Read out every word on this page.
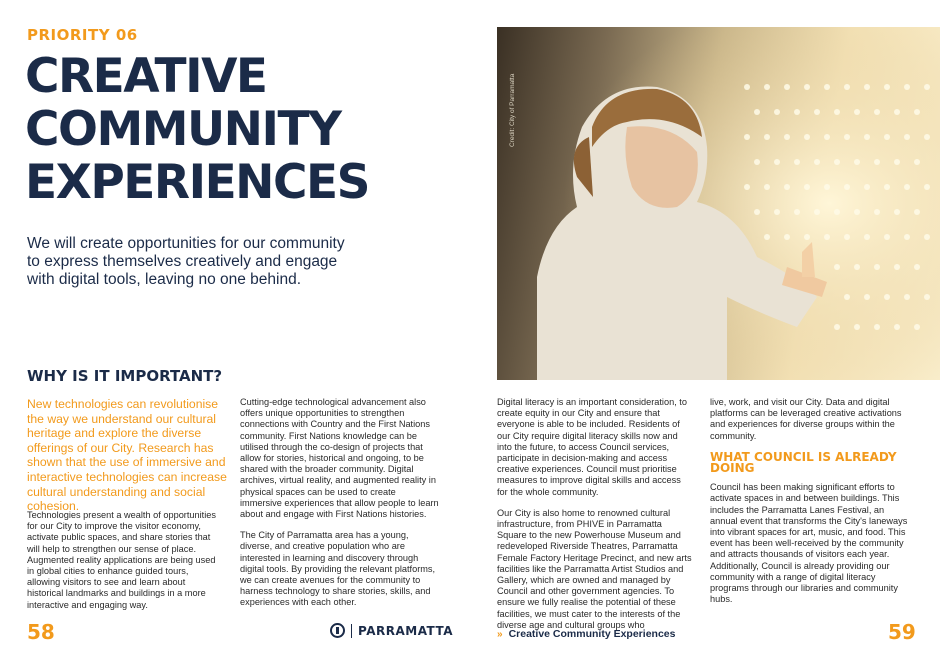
PRIORITY 06
CREATIVE
COMMUNITY
EXPERIENCES
We will create opportunities for our community to express themselves creatively and engage with digital tools, leaving no one behind.
WHY IS IT IMPORTANT?
New technologies can revolutionise the way we understand our cultural heritage and explore the diverse offerings of our City. Research has shown that the use of immersive and interactive technologies can increase cultural understanding and social cohesion.

Technologies present a wealth of opportunities for our City to improve the visitor economy, activate public spaces, and share stories that will help to strengthen our sense of place. Augmented reality applications are being used in global cities to enhance guided tours, allowing visitors to see and learn about historical landmarks and buildings in a more interactive and engaging way.

Cutting-edge technological advancement also offers unique opportunities to strengthen connections with Country and the First Nations community. First Nations knowledge can be utilised through the co-design of projects that allow for stories, historical and ongoing, to be shared with the broader community. Digital archives, virtual reality, and augmented reality in physical spaces can be used to create immersive experiences that allow people to learn about and engage with First Nations histories.

The City of Parramatta area has a young, diverse, and creative population who are interested in learning and discovery through digital tools. By providing the relevant platforms, we can create avenues for the community to harness technology to share stories, skills, and experiences with each other.

58
Credit: City of Parramatta

Digital literacy is an important consideration, to create equity in our City and ensure that everyone is able to be included. Residents of our City require digital literacy skills now and into the future, to access Council services, participate in decision-making and access creative experiences. Council must prioritise measures to improve digital skills and access for the whole community.

Our City is also home to renowned cultural infrastructure, from PHIVE in Parramatta Square to the new Powerhouse Museum and redeveloped Riverside Theatres, Parramatta Female Factory Heritage Precinct, and new arts facilities like the Parramatta Artist Studios and Gallery, which are owned and managed by Council and other government agencies. To ensure we fully realise the potential of these facilities, we must cater to the interests of the diverse age and cultural groups who

live, work, and visit our City. Data and digital platforms can be leveraged creative activations and experiences for diverse groups within the community.

WHAT COUNCIL IS ALREADY DOING

Council has been making significant efforts to activate spaces in and between buildings. This includes the Parramatta Lanes Festival, an annual event that transforms the City's laneways into vibrant spaces for art, music, and food. This event has been well-received by the community and attracts thousands of visitors each year. Additionally, Council is already providing our community with a range of digital literacy programs through our libraries and community hubs.

PARRAMATTA	» Creative Community Experiences	59
